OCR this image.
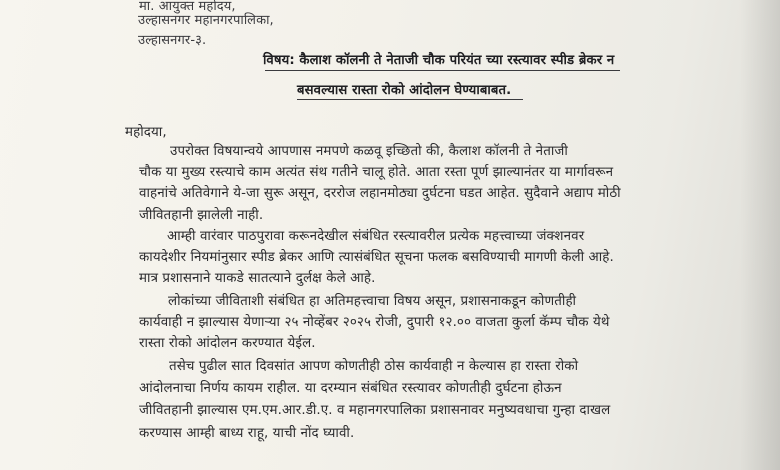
मा. आयुक्त महोदय,
उल्हासनगर महानगरपालिका,
उल्हासनगर-३.
विषय: कैलाश कॉलनी ते नेताजी चौक परियंत च्या रस्त्यावर स्पीड ब्रेकर न
बसवल्यास रास्ता रोको आंदोलन घेण्याबाबत.
महोदया,
उपरोक्त विषयान्वये आपणास नमपणे कळवू इच्छितो की, कैलाश कॉलनी ते नेताजी
चौक या मुख्य रस्त्याचे काम अत्यंत संथ गतीने चालू होते. आता रस्ता पूर्ण झाल्यानंतर या मार्गावरून
वाहनांचे अतिवेगाने ये-जा सुरू असून, दररोज लहानमोठ्या दुर्घटना घडत आहेत. सुदैवाने अद्याप मोठी
जीवितहानी झालेली नाही.
आम्ही वारंवार पाठपुरावा करूनदेखील संबंधित रस्त्यावरील प्रत्येक महत्त्वाच्या जंक्शनवर
कायदेशीर नियमांनुसार स्पीड ब्रेकर आणि त्यासंबंधित सूचना फलक बसविण्याची मागणी केली आहे.
मात्र प्रशासनाने याकडे सातत्याने दुर्लक्ष केले आहे.
लोकांच्या जीविताशी संबंधित हा अतिमहत्त्वाचा विषय असून, प्रशासनाकडून कोणतीही
कार्यवाही न झाल्यास येणाऱ्या २५ नोव्हेंबर २०२५ रोजी, दुपारी १२.०० वाजता कुर्ला कॅम्प चौक येथे
रास्ता रोको आंदोलन करण्यात येईल.
तसेच पुढील सात दिवसांत आपण कोणतीही ठोस कार्यवाही न केल्यास हा रास्ता रोको
आंदोलनाचा निर्णय कायम राहील. या दरम्यान संबंधित रस्त्यावर कोणतीही दुर्घटना होऊन
जीवितहानी झाल्यास एम.एम.आर.डी.ए. व महानगरपालिका प्रशासनावर मनुष्यवधाचा गुन्हा दाखल
करण्यास आम्ही बाध्य राहू, याची नोंद घ्यावी.
